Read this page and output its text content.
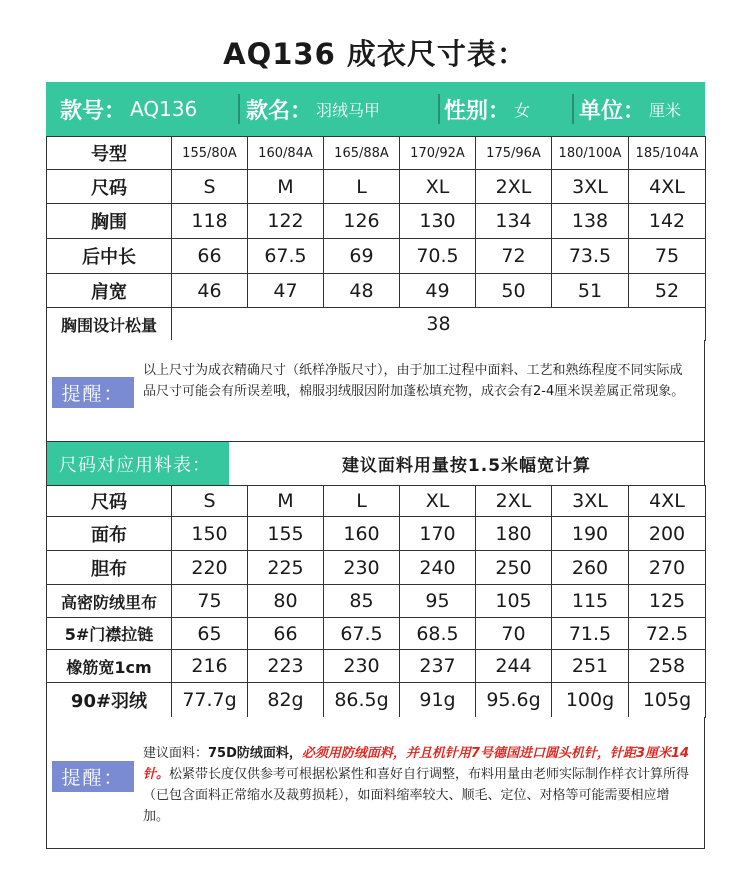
AQ136 成衣尺寸表：
款号： AQ136 款名： 羽绒马甲	性别： 女 单位： 厘米
号型	155/80A	160/84A	165/88A	170/92A	175/96A	180/100A	185/104A
尺码	S	M	L	XL	2XL	3XL	4XL
胸围	118	122	126	130	134	138	142
后中长	66	67.5	69	70.5	72	73.5	75
肩宽	46	47	48	49	50	51	52
胸围设计松量	38						
提醒：
以上尺寸为成衣精确尺寸（纸样净版尺寸），由于加工过程中面料、工艺和熟练程度不同实际成品尺寸可能会有所误差哦，棉服羽绒服因附加蓬松填充物，成衣会有2-4厘米误差属正常现象。
尺码对应用料表：	建议面料用量按1.5米幅宽计算
尺码	S	M	L	XL	2XL	3XL	4XL
面布	150	155	160	170	180	190	200
胆布	220	225	230	240	250	260	270
高密防绒里布	75	80	85	95	105	115	125
5#门襟拉链	65	66	67.5	68.5	70	71.5	72.5
橡筋宽1cm	216	223	230	237	244	251	258
90#羽绒	77.7g	82g	86.5g	91g	95.6g	100g	105g
提醒：
建议面料：75D防绒面料，必须用防绒面料，并且机针用7号德国进口圆头机针，针距3厘米14针。松紧带长度仅供参考可根据松紧性和喜好自行调整，布料用量由老师实际制作样衣计算所得（已包含面料正常缩水及裁剪损耗），如面料缩率较大、顺毛、定位、对格等可能需要相应增加。
